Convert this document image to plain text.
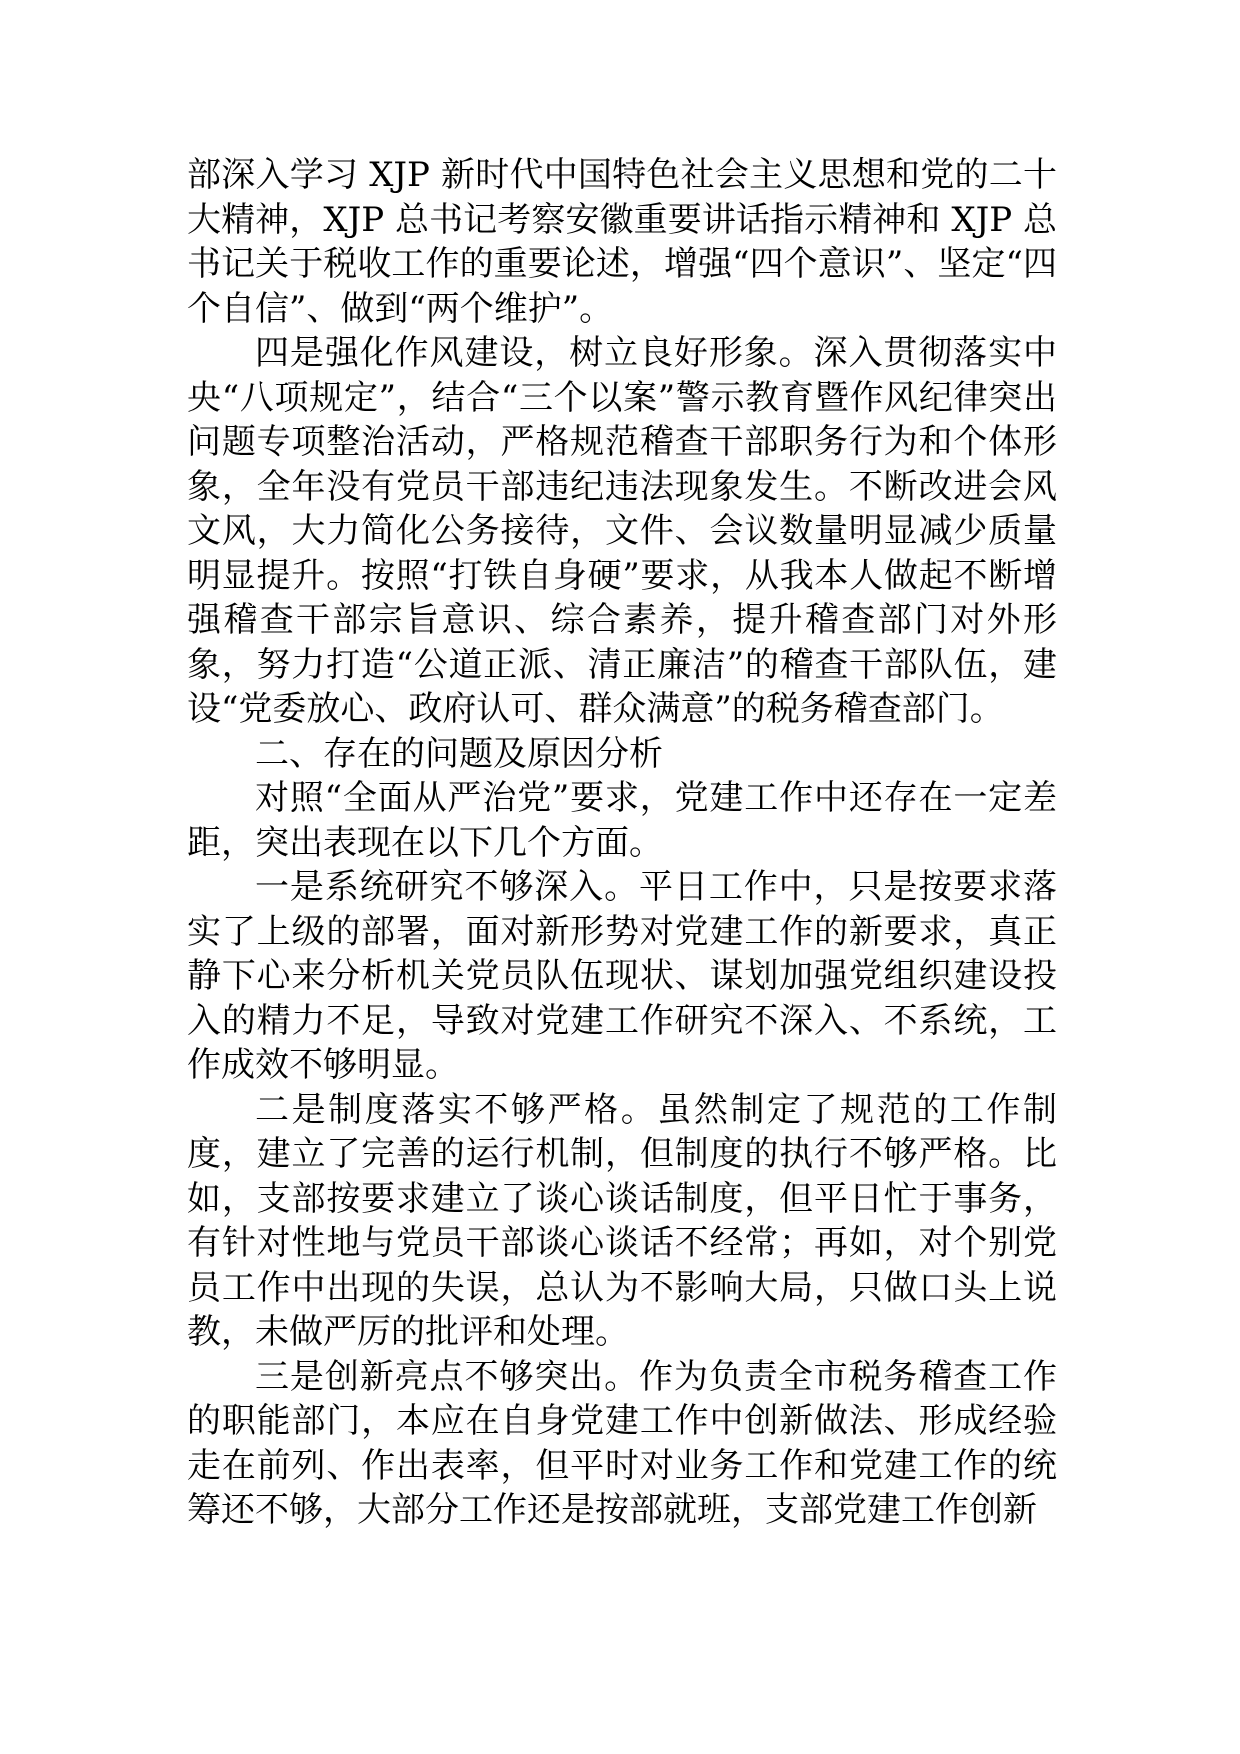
部深入学习 XJP 新时代中国特色社会主义思想和党的二十大精神，XJP 总书记考察安徽重要讲话指示精神和 XJP 总书记关于税收工作的重要论述，增强“四个意识”、坚定“四个自信”、做到“两个维护”。

四是强化作风建设，树立良好形象。深入贯彻落实中央“八项规定”，结合“三个以案”警示教育暨作风纪律突出问题专项整治活动，严格规范稽查干部职务行为和个体形象，全年没有党员干部违纪违法现象发生。不断改进会风文风，大力简化公务接待，文件、会议数量明显减少质量明显提升。按照“打铁自身硬”要求，从我本人做起不断增强稽查干部宗旨意识、综合素养，提升稽查部门对外形象，努力打造“公道正派、清正廉洁”的稽查干部队伍，建设“党委放心、政府认可、群众满意”的税务稽查部门。

二、存在的问题及原因分析

对照“全面从严治党”要求，党建工作中还存在一定差距，突出表现在以下几个方面。

一是系统研究不够深入。平日工作中，只是按要求落实了上级的部署，面对新形势对党建工作的新要求，真正静下心来分析机关党员队伍现状、谋划加强党组织建设投入的精力不足，导致对党建工作研究不深入、不系统，工作成效不够明显。

二是制度落实不够严格。虽然制定了规范的工作制度，建立了完善的运行机制，但制度的执行不够严格。比如，支部按要求建立了谈心谈话制度，但平日忙于事务，有针对性地与党员干部谈心谈话不经常；再如，对个别党员工作中出现的失误，总认为不影响大局，只做口头上说教，未做严厉的批评和处理。

三是创新亮点不够突出。作为负责全市税务稽查工作的职能部门，本应在自身党建工作中创新做法、形成经验走在前列、作出表率，但平时对业务工作和党建工作的统筹还不够，大部分工作还是按部就班，支部党建工作创新
